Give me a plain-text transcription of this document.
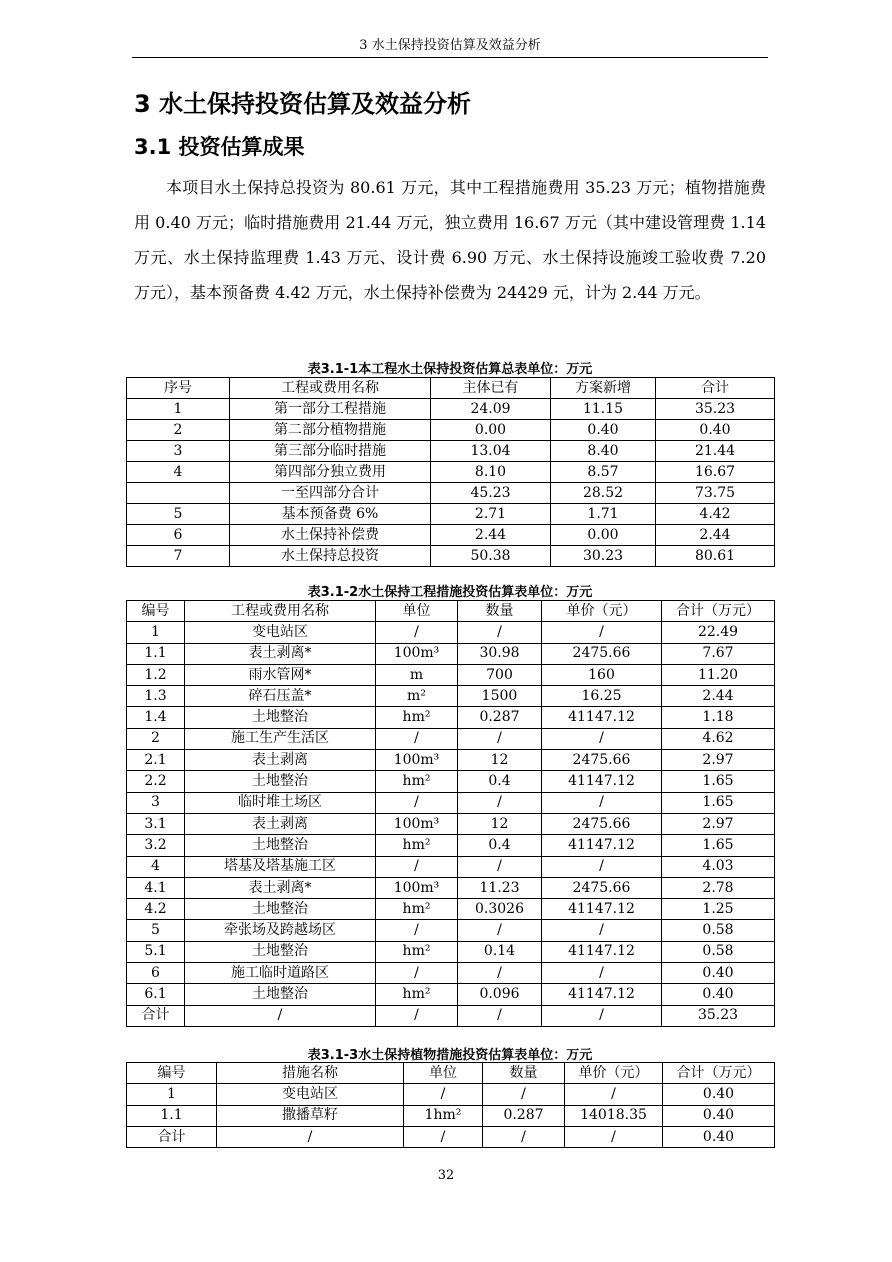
3 水土保持投资估算及效益分析
3 水土保持投资估算及效益分析
3.1 投资估算成果

本项目水土保持总投资为 80.61 万元，其中工程措施费用 35.23 万元；植物措施费用 0.40 万元；临时措施费用 21.44 万元，独立费用 16.67 万元（其中建设管理费 1.14 万元、水土保持监理费 1.43 万元、设计费 6.90 万元、水土保持设施竣工验收费 7.20 万元），基本预备费 4.42 万元，水土保持补偿费为 24429 元，计为 2.44 万元。

表3.1-1本工程水土保持投资估算总表单位：万元
序号	工程或费用名称	主体已有	方案新增	合计
1	第一部分工程措施	24.09	11.15	35.23
2	第二部分植物措施	0.00	0.40	0.40
3	第三部分临时措施	13.04	8.40	21.44
4	第四部分独立费用	8.10	8.57	16.67
	一至四部分合计	45.23	28.52	73.75
5	基本预备费 6%	2.71	1.71	4.42
6	水土保持补偿费	2.44	0.00	2.44
7	水土保持总投资	50.38	30.23	80.61
表3.1-2水土保持工程措施投资估算表单位：万元
编号	工程或费用名称	单位	数量	单价（元）	合计（万元）
1	变电站区	/	/	/	22.49
1.1	表土剥离*	100m³	30.98	2475.66	7.67
1.2	雨水管网*	m	700	160	11.20
1.3	碎石压盖*	m²	1500	16.25	2.44
1.4	土地整治	hm²	0.287	41147.12	1.18
2	施工生产生活区	/	/	/	4.62
2.1	表土剥离	100m³	12	2475.66	2.97
2.2	土地整治	hm²	0.4	41147.12	1.65
3	临时堆土场区	/	/	/	1.65
3.1	表土剥离	100m³	12	2475.66	2.97
3.2	土地整治	hm²	0.4	41147.12	1.65
4	塔基及塔基施工区	/	/	/	4.03
4.1	表土剥离*	100m³	11.23	2475.66	2.78
4.2	土地整治	hm²	0.3026	41147.12	1.25
5	牵张场及跨越场区	/	/	/	0.58
5.1	土地整治	hm²	0.14	41147.12	0.58
6	施工临时道路区	/	/	/	0.40
6.1	土地整治	hm²	0.096	41147.12	0.40
合计	/	/	/	/	35.23
表3.1-3水土保持植物措施投资估算表单位：万元
编号	措施名称	单位	数量	单价（元）	合计（万元）
1	变电站区	/	/	/	0.40
1.1	撒播草籽	1hm²	0.287	14018.35	0.40
合计	/	/	/	/	0.40
32
